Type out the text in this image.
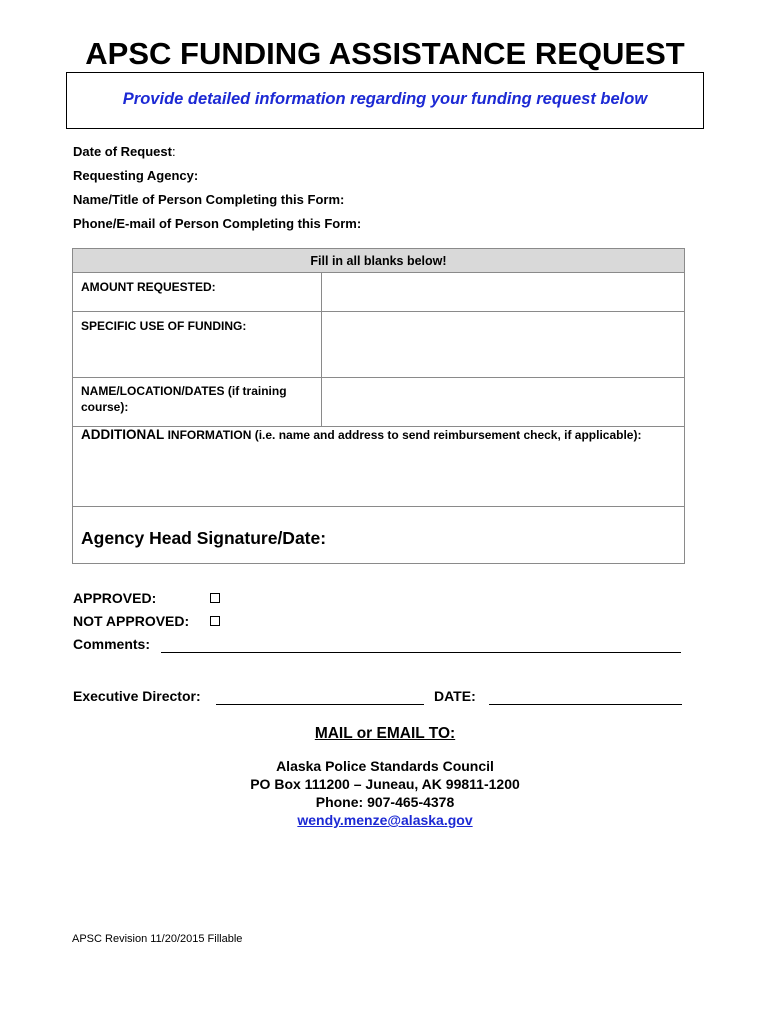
APSC FUNDING ASSISTANCE REQUEST
Provide detailed information regarding your funding request below
Date of Request:
Requesting Agency:
Name/Title of Person Completing this Form:
Phone/E-mail of Person Completing this Form:
Fill in all blanks below!
AMOUNT REQUESTED:
SPECIFIC USE OF FUNDING:
NAME/LOCATION/DATES (if training
course):
ADDITIONAL INFORMATION (i.e. name and address to send reimbursement check, if applicable):
Agency Head Signature/Date:
APPROVED:
NOT APPROVED:
Comments:
Executive Director:	DATE:
MAIL or EMAIL TO:
Alaska Police Standards Council
PO Box 111200 – Juneau, AK 99811-1200
Phone: 907-465-4378
wendy.menze@alaska.gov
APSC Revision 11/20/2015 Fillable
